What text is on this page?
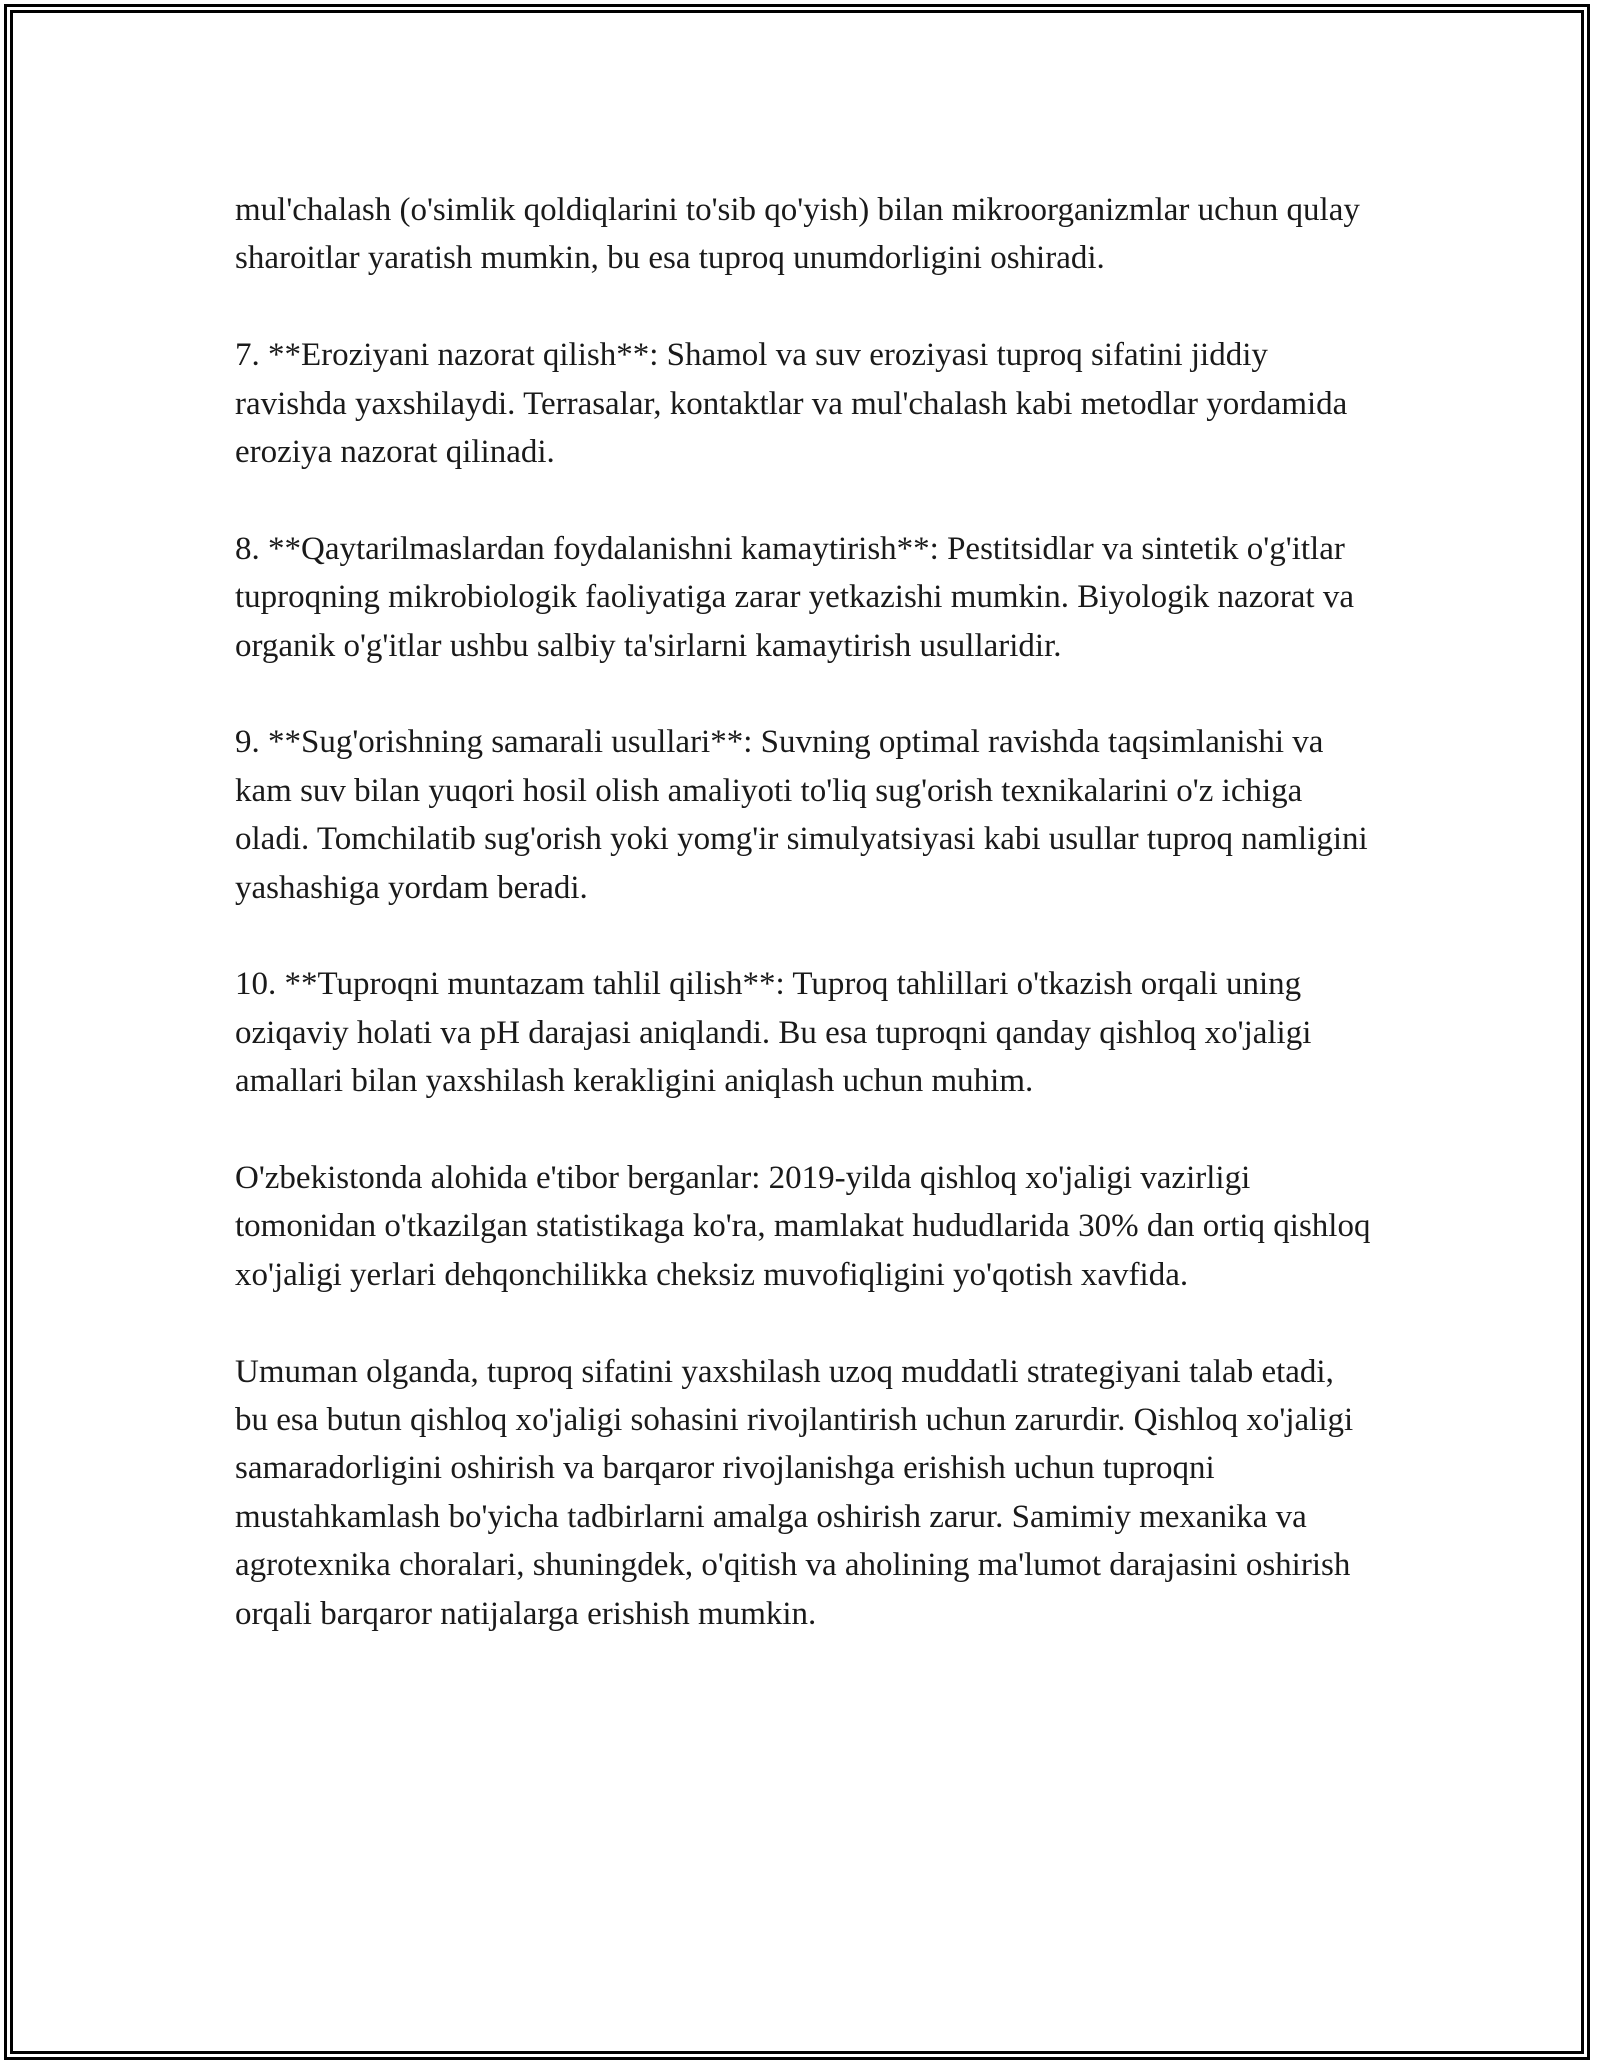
mul'chalash (o'simlik qoldiqlarini to'sib qo'yish) bilan mikroorganizmlar uchun qulay sharoitlar yaratish mumkin, bu esa tuproq unumdorligini oshiradi.

7. **Eroziyani nazorat qilish**: Shamol va suv eroziyasi tuproq sifatini jiddiy ravishda yaxshilaydi. Terrasalar, kontaktlar va mul'chalash kabi metodlar yordamida eroziya nazorat qilinadi.

8. **Qaytarilmaslardan foydalanishni kamaytirish**: Pestitsidlar va sintetik o'g'itlar tuproqning mikrobiologik faoliyatiga zarar yetkazishi mumkin. Biyologik nazorat va organik o'g'itlar ushbu salbiy ta'sirlarni kamaytirish usullaridir.

9. **Sug'orishning samarali usullari**: Suvning optimal ravishda taqsimlanishi va kam suv bilan yuqori hosil olish amaliyoti to'liq sug'orish texnikalarini o'z ichiga oladi. Tomchilatib sug'orish yoki yomg'ir simulyatsiyasi kabi usullar tuproq namligini yashashiga yordam beradi.

10. **Tuproqni muntazam tahlil qilish**: Tuproq tahlillari o'tkazish orqali uning oziqaviy holati va pH darajasi aniqlandi. Bu esa tuproqni qanday qishloq xo'jaligi amallari bilan yaxshilash kerakligini aniqlash uchun muhim.

O'zbekistonda alohida e'tibor berganlar: 2019-yilda qishloq xo'jaligi vazirligi tomonidan o'tkazilgan statistikaga ko'ra, mamlakat hududlarida 30% dan ortiq qishloq xo'jaligi yerlari dehqonchilikka cheksiz muvofiqligini yo'qotish xavfida.

Umuman olganda, tuproq sifatini yaxshilash uzoq muddatli strategiyani talab etadi, bu esa butun qishloq xo'jaligi sohasini rivojlantirish uchun zarurdir. Qishloq xo'jaligi samaradorligini oshirish va barqaror rivojlanishga erishish uchun tuproqni mustahkamlash bo'yicha tadbirlarni amalga oshirish zarur. Samimiy mexanika va agrotexnika choralari, shuningdek, o'qitish va aholining ma'lumot darajasini oshirish orqali barqaror natijalarga erishish mumkin.
